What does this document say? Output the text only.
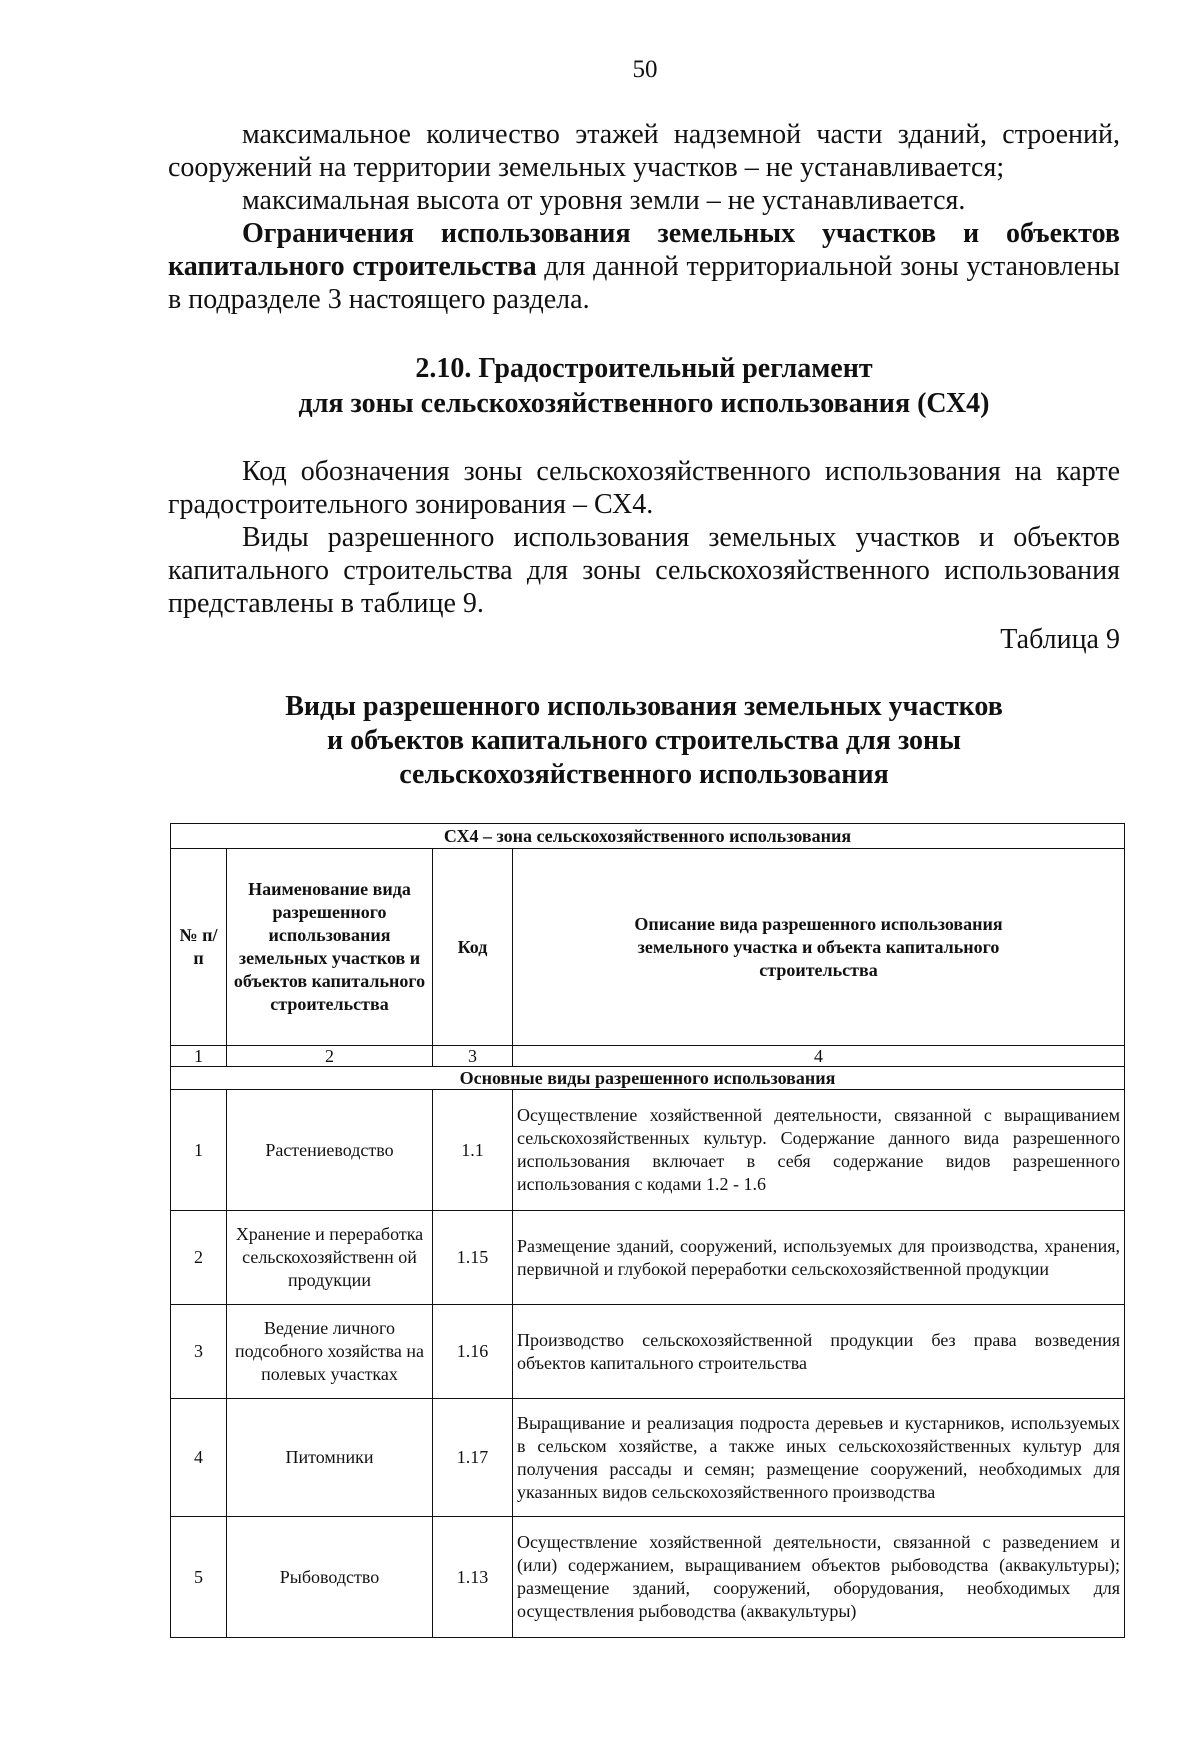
50

максимальное количество этажей надземной части зданий, строений, сооружений на территории земельных участков – не устанавливается;

максимальная высота от уровня земли – не устанавливается.

Ограничения использования земельных участков и объектов капитального строительства для данной территориальной зоны установлены в подразделе 3 настоящего раздела.

2.10. Градостроительный регламент
для зоны сельскохозяйственного использования (СХ4)

Код обозначения зоны сельскохозяйственного использования на карте градостроительного зонирования – СХ4.

Виды разрешенного использования земельных участков и объектов капитального строительства для зоны сельскохозяйственного использования представлены в таблице 9.

Таблица 9
Виды разрешенного использования земельных участков
и объектов капитального строительства для зоны
сельскохозяйственного использования
СХ4 – зона сельскохозяйственного использования			
№ п/п	Наименование вида разрешенного использования земельных участков и объектов капитального строительства	Код	Описание вида разрешенного использования земельного участка и объекта капитального строительства
1	2	3	4
Основные виды разрешенного использования			
1	Растениеводство	1.1	Осуществление хозяйственной деятельности, связанной с выращиванием сельскохозяйственных культур. Содержание данного вида разрешенного использования включает в себя содержание видов разрешенного использования с кодами 1.2 - 1.6
2	Хранение и переработка сельскохозяйственн ой продукции	1.15	Размещение зданий, сооружений, используемых для производства, хранения, первичной и глубокой переработки сельскохозяйственной продукции
3	Ведение личного подсобного хозяйства на полевых участках	1.16	Производство сельскохозяйственной продукции без права возведения объектов капитального строительства
4	Питомники	1.17	Выращивание и реализация подроста деревьев и кустарников, используемых в сельском хозяйстве, а также иных сельскохозяйственных культур для получения рассады и семян; размещение сооружений, необходимых для указанных видов сельскохозяйственного производства
5	Рыбоводство	1.13	Осуществление хозяйственной деятельности, связанной с разведением и (или) содержанием, выращиванием объектов рыбоводства (аквакультуры); размещение зданий, сооружений, оборудования, необходимых для осуществления рыбоводства (аквакультуры)
